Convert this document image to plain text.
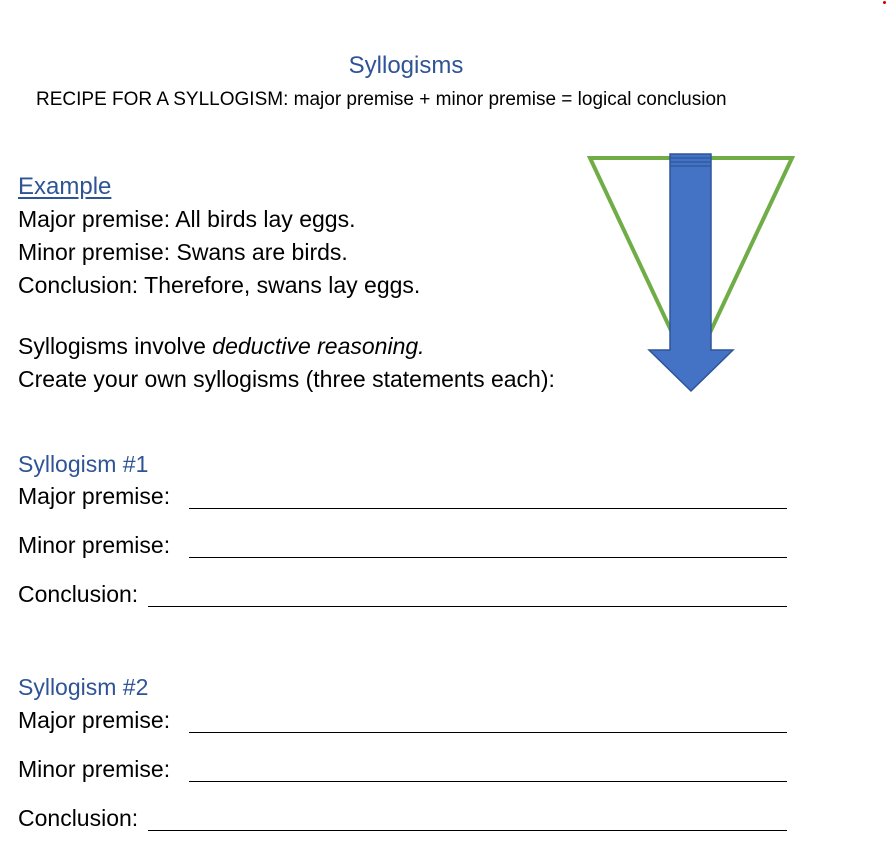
Syllogisms
RECIPE FOR A SYLLOGISM: major premise + minor premise = logical conclusion
Example
Major premise: All birds lay eggs.
Minor premise: Swans are birds.
Conclusion: Therefore, swans lay eggs.
Syllogisms involve deductive reasoning.
Create your own syllogisms (three statements each):
Syllogism #1
Major premise:
Minor premise:
Conclusion:
Syllogism #2
Major premise:
Minor premise:
Conclusion:
